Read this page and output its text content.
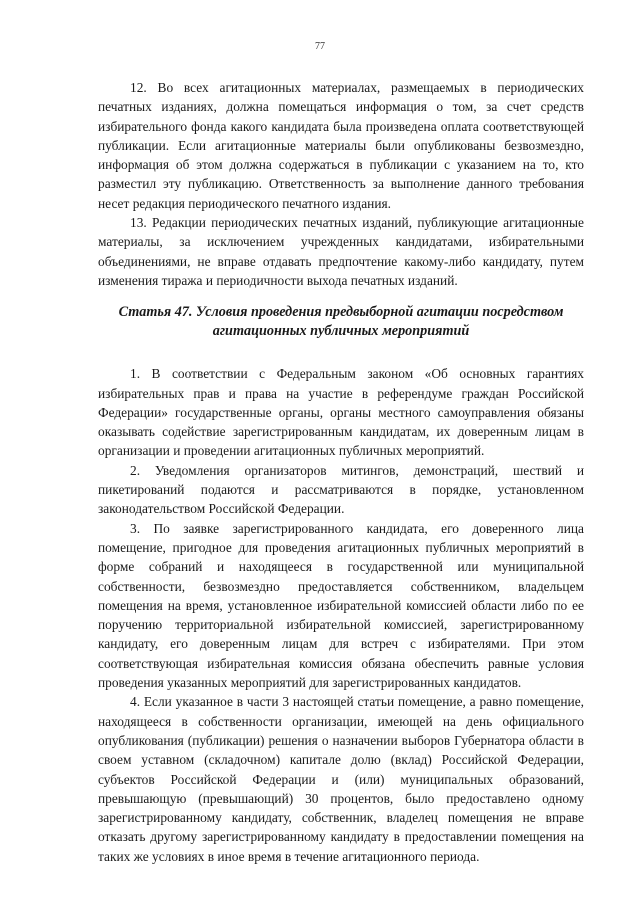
77

12. Во всех агитационных материалах, размещаемых в периодических печатных изданиях, должна помещаться информация о том, за счет средств избирательного фонда какого кандидата была произведена оплата соответствующей публикации. Если агитационные материалы были опубликованы безвозмездно, информация об этом должна содержаться в публикации с указанием на то, кто разместил эту публикацию. Ответственность за выполнение данного требования несет редакция периодического печатного издания.

13. Редакции периодических печатных изданий, публикующие агитационные материалы, за исключением учрежденных кандидатами, избирательными объединениями, не вправе отдавать предпочтение какому-либо кандидату, путем изменения тиража и периодичности выхода печатных изданий.

Статья 47. Условия проведения предвыборной агитации посредством агитационных публичных мероприятий

1. В соответствии с Федеральным законом «Об основных гарантиях избирательных прав и права на участие в референдуме граждан Российской Федерации» государственные органы, органы местного самоуправления обязаны оказывать содействие зарегистрированным кандидатам, их доверенным лицам в организации и проведении агитационных публичных мероприятий.

2. Уведомления организаторов митингов, демонстраций, шествий и пикетирований подаются и рассматриваются в порядке, установленном законодательством Российской Федерации.

3. По заявке зарегистрированного кандидата, его доверенного лица помещение, пригодное для проведения агитационных публичных мероприятий в форме собраний и находящееся в государственной или муниципальной собственности, безвозмездно предоставляется собственником, владельцем помещения на время, установленное избирательной комиссией области либо по ее поручению территориальной избирательной комиссией, зарегистрированному кандидату, его доверенным лицам для встреч с избирателями. При этом соответствующая избирательная комиссия обязана обеспечить равные условия проведения указанных мероприятий для зарегистрированных кандидатов.

4. Если указанное в части 3 настоящей статьи помещение, а равно помещение, находящееся в собственности организации, имеющей на день официального опубликования (публикации) решения о назначении выборов Губернатора области в своем уставном (складочном) капитале долю (вклад) Российской Федерации, субъектов Российской Федерации и (или) муниципальных образований, превышающую (превышающий) 30 процентов, было предоставлено одному зарегистрированному кандидату, собственник, владелец помещения не вправе отказать другому зарегистрированному кандидату в предоставлении помещения на таких же условиях в иное время в течение агитационного периода.
